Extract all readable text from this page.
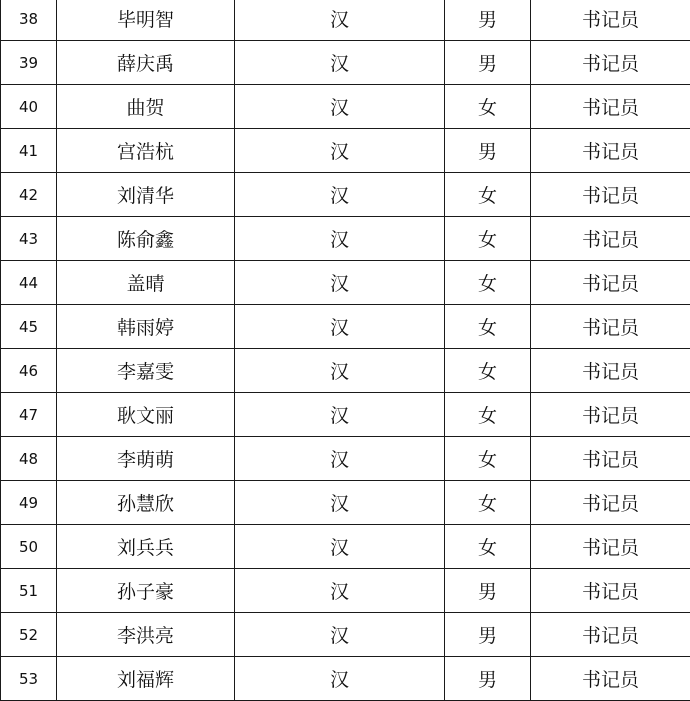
38	毕明智	汉	男	书记员
39	薛庆禹	汉	男	书记员
40	曲贺	汉	女	书记员
41	宫浩杭	汉	男	书记员
42	刘清华	汉	女	书记员
43	陈俞鑫	汉	女	书记员
44	盖晴	汉	女	书记员
45	韩雨婷	汉	女	书记员
46	李嘉雯	汉	女	书记员
47	耿文丽	汉	女	书记员
48	李萌萌	汉	女	书记员
49	孙慧欣	汉	女	书记员
50	刘兵兵	汉	女	书记员
51	孙子豪	汉	男	书记员
52	李洪亮	汉	男	书记员
53	刘福辉	汉	男	书记员
